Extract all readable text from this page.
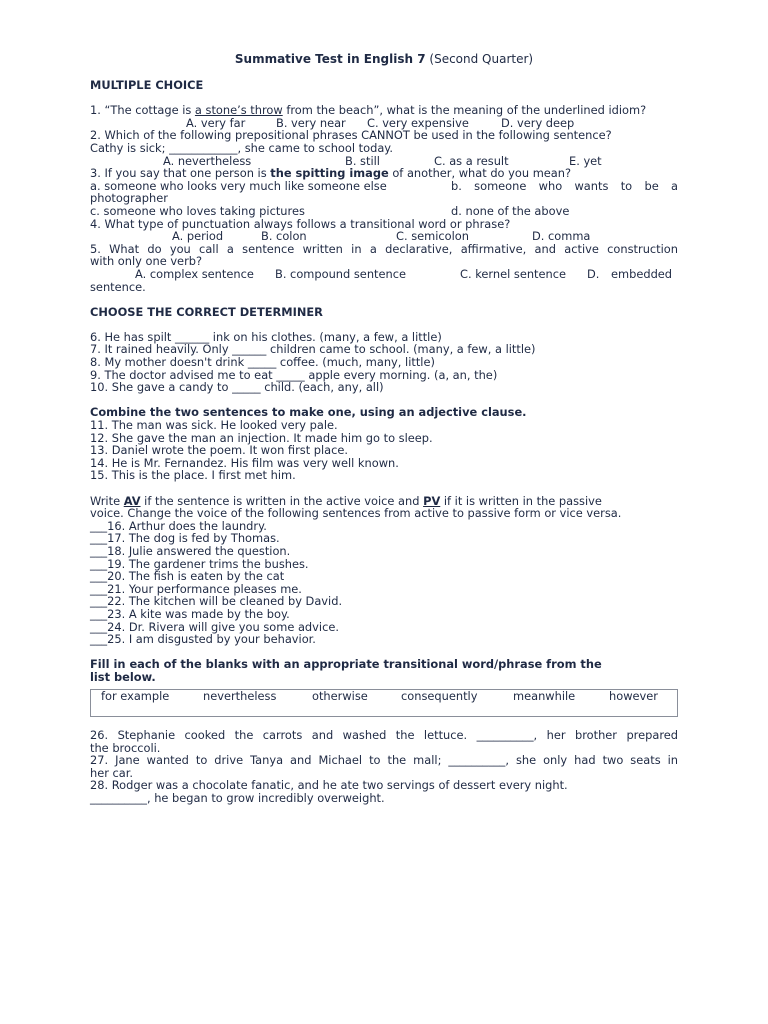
Summative Test in English 7 (Second Quarter)

MULTIPLE CHOICE

1. “The cottage is a stone’s throw from the beach”, what is the meaning of the underlined idiom?

A. very far	B. very near C. very expensive	D. very deep

2. Which of the following prepositional phrases CANNOT be used in the following sentence?

Cathy is sick; ____________, she came to school today.

A. nevertheless	B. still	C. as a result	E. yet

3. If you say that one person is the spitting image of another, what do you mean?

a. someone who looks very much like someone else	b. someone who wants to be a

photographer

c. someone who loves taking pictures	d. none of the above

4. What type of punctuation always follows a transitional word or phrase?

A. period	B. colon	C. semicolon	D. comma

5. What do you call a sentence written in a declarative, affirmative, and active construction

with only one verb?

A. complex sentence B. compound sentence	C. kernel sentence D. embedded

sentence.

CHOOSE THE CORRECT DETERMINER

6. He has spilt ______ ink on his clothes. (many, a few, a little)

7. It rained heavily. Only ______ children came to school. (many, a few, a little)

8. My mother doesn't drink _____ coffee. (much, many, little)

9. The doctor advised me to eat _____ apple every morning. (a, an, the)

10. She gave a candy to _____ child. (each, any, all)

Combine the two sentences to make one, using an adjective clause.

11. The man was sick. He looked very pale.

12. She gave the man an injection. It made him go to sleep.

13. Daniel wrote the poem. It won first place.

14. He is Mr. Fernandez. His film was very well known.

15. This is the place. I first met him.

Write AV if the sentence is written in the active voice and PV if it is written in the passive

voice. Change the voice of the following sentences from active to passive form or vice versa.

___16. Arthur does the laundry.

___17. The dog is fed by Thomas.

___18. Julie answered the question.

___19. The gardener trims the bushes.

___20. The fish is eaten by the cat

___21. Your performance pleases me.

___22. The kitchen will be cleaned by David.

___23. A kite was made by the boy.

___24. Dr. Rivera will give you some advice.

___25. I am disgusted by your behavior.

Fill in each of the blanks with an appropriate transitional word/phrase from the

list below.

for example	nevertheless	otherwise	consequently	meanwhile	however

26. Stephanie cooked the carrots and washed the lettuce. __________, her brother prepared

the broccoli.

27. Jane wanted to drive Tanya and Michael to the mall; __________, she only had two seats in

her car.

28. Rodger was a chocolate fanatic, and he ate two servings of dessert every night.

__________, he began to grow incredibly overweight.
